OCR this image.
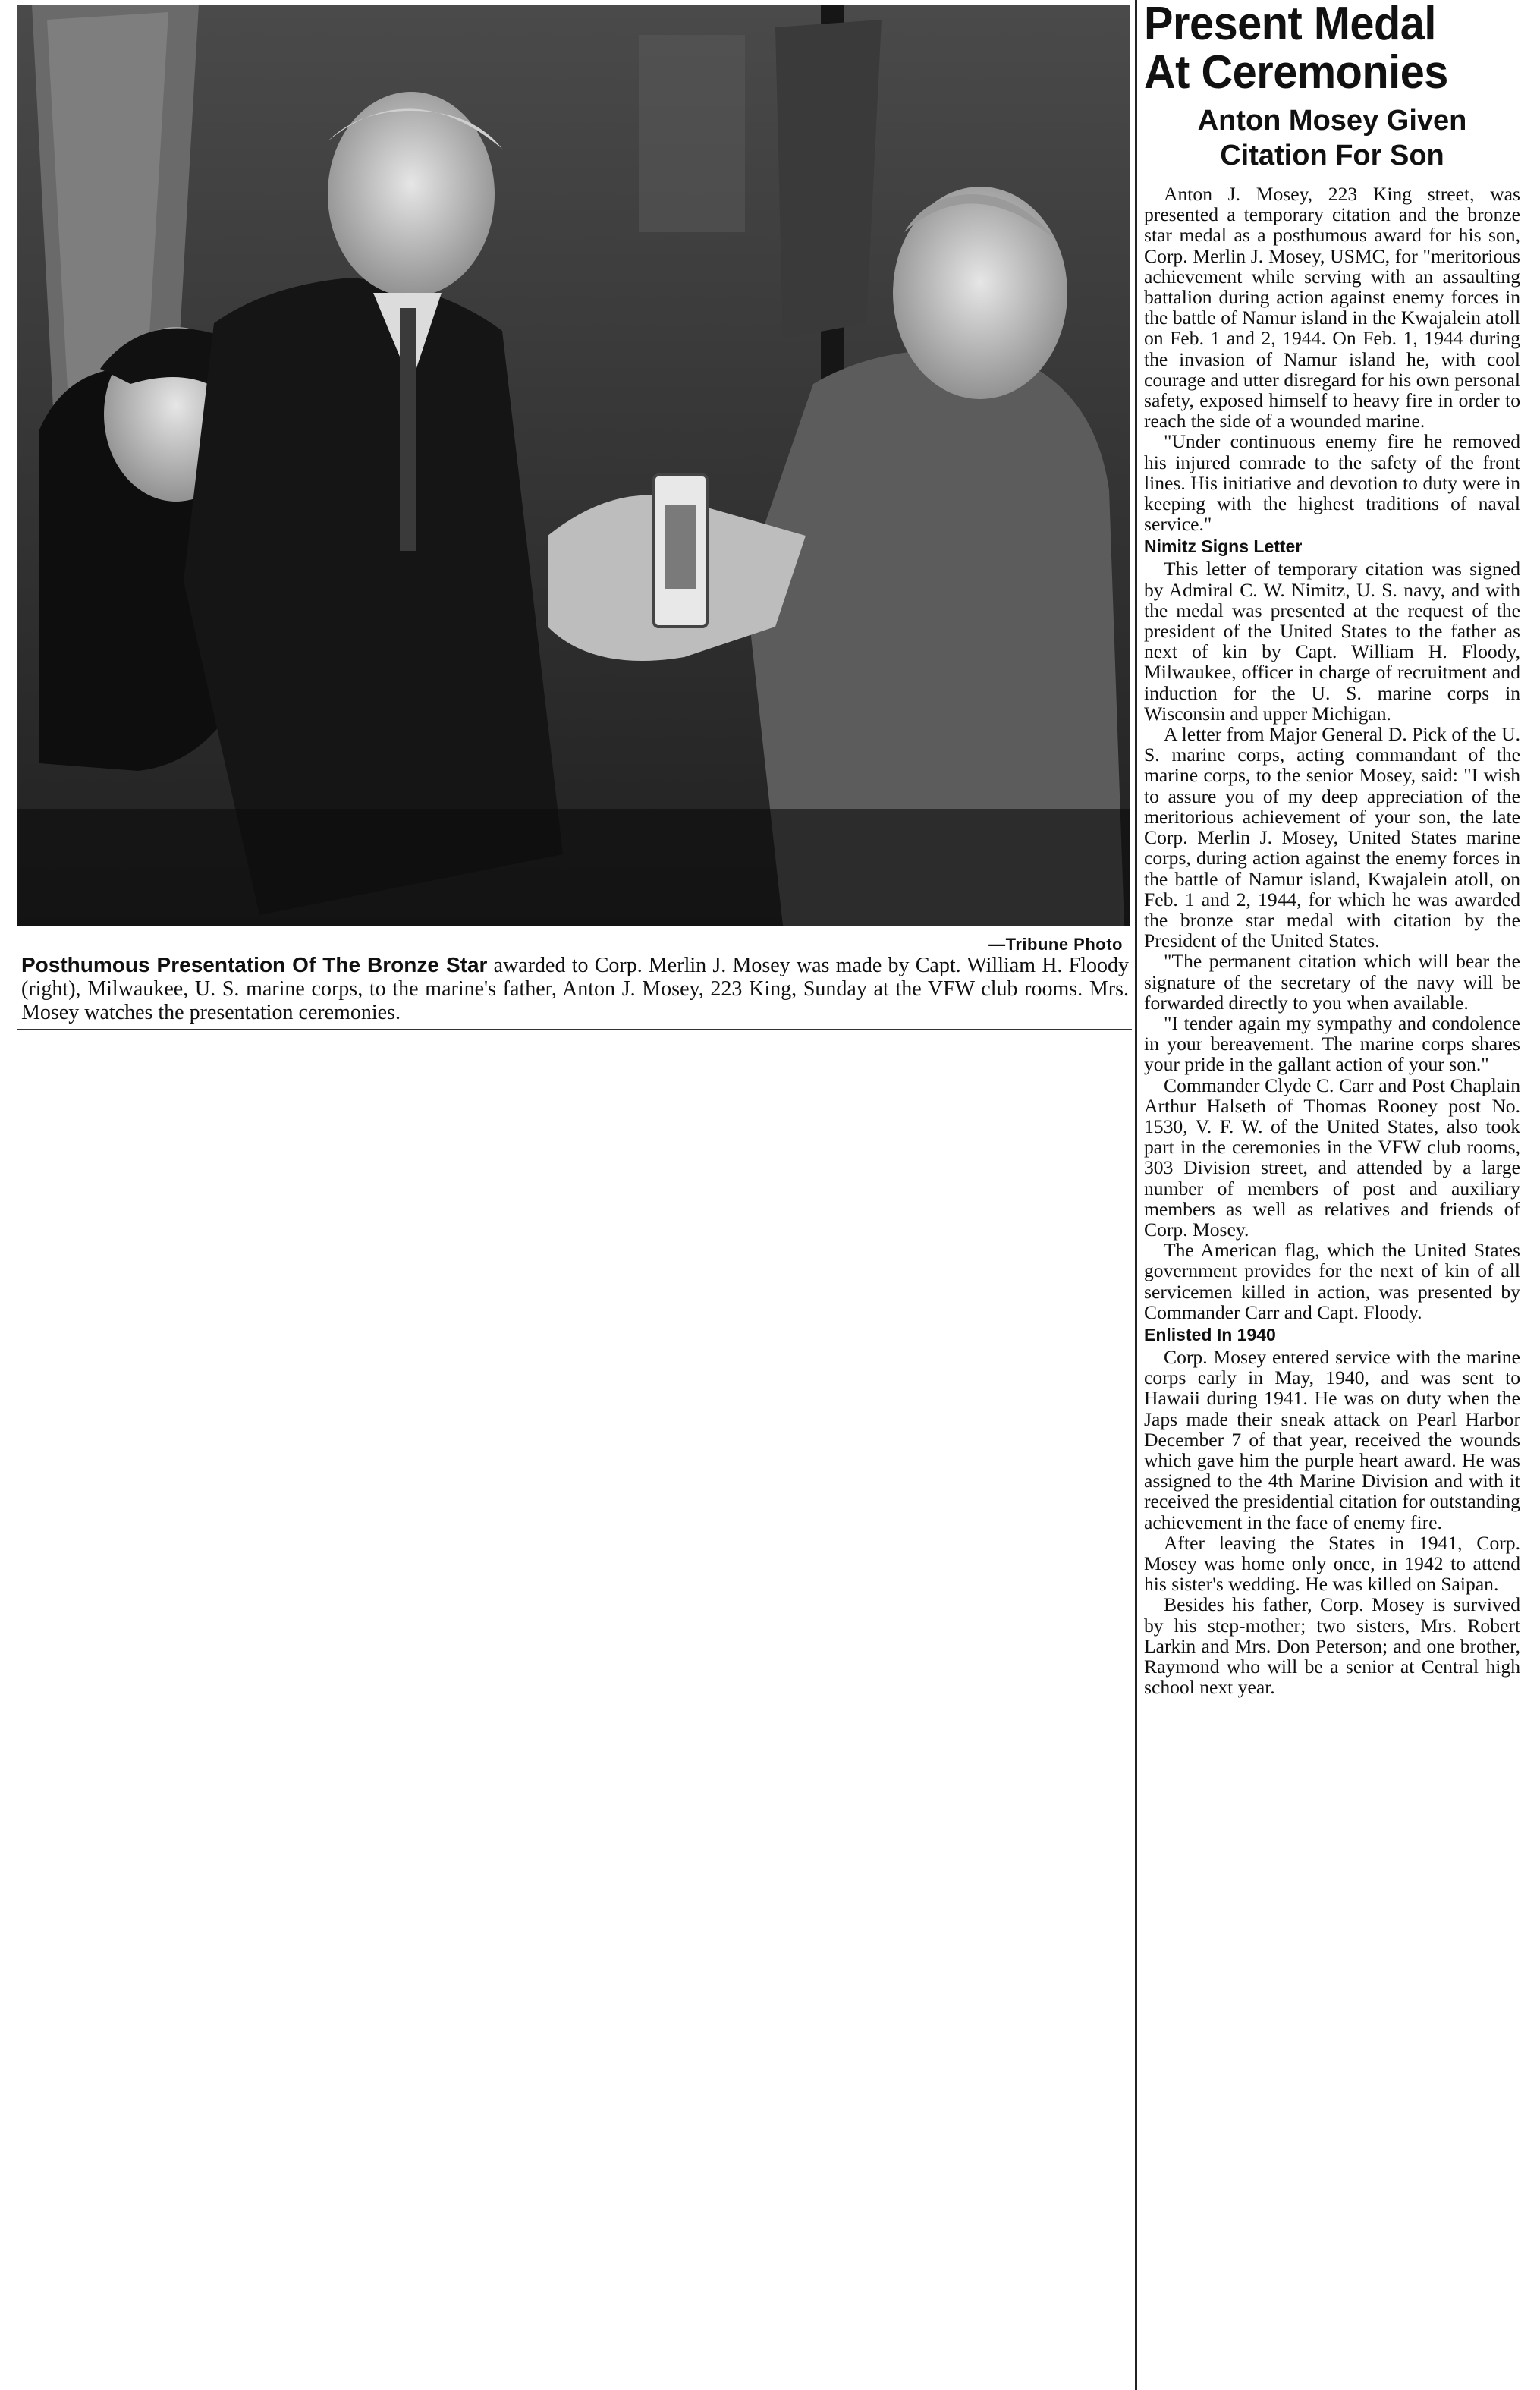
—Tribune Photo
Posthumous Presentation Of The Bronze Star awarded to Corp. Merlin J. Mosey was made by Capt. William H. Floody (right), Milwaukee, U. S. marine corps, to the marine's father, Anton J. Mosey, 223 King, Sunday at the VFW club rooms. Mrs. Mosey watches the presentation ceremonies.
Present Medal
At Ceremonies
Anton Mosey Given
Citation For Son

Anton J. Mosey, 223 King street, was presented a temporary citation and the bronze star medal as a posthumous award for his son, Corp. Merlin J. Mosey, USMC, for "meritorious achievement while serving with an assaulting battalion during action against enemy forces in the battle of Namur island in the Kwajalein atoll on Feb. 1 and 2, 1944. On Feb. 1, 1944 during the invasion of Namur island he, with cool courage and utter disregard for his own personal safety, exposed himself to heavy fire in order to reach the side of a wounded marine.

"Under continuous enemy fire he removed his injured comrade to the safety of the front lines. His initiative and devotion to duty were in keeping with the highest traditions of naval service."

Nimitz Signs Letter

This letter of temporary citation was signed by Admiral C. W. Nimitz, U. S. navy, and with the medal was presented at the request of the president of the United States to the father as next of kin by Capt. William H. Floody, Milwaukee, officer in charge of recruitment and induction for the U. S. marine corps in Wisconsin and upper Michigan.

A letter from Major General D. Pick of the U. S. marine corps, acting commandant of the marine corps, to the senior Mosey, said: "I wish to assure you of my deep appreciation of the meritorious achievement of your son, the late Corp. Merlin J. Mosey, United States marine corps, during action against the enemy forces in the battle of Namur island, Kwajalein atoll, on Feb. 1 and 2, 1944, for which he was awarded the bronze star medal with citation by the President of the United States.

"The permanent citation which will bear the signature of the secretary of the navy will be forwarded directly to you when available.

"I tender again my sympathy and condolence in your bereavement. The marine corps shares your pride in the gallant action of your son."

Commander Clyde C. Carr and Post Chaplain Arthur Halseth of Thomas Rooney post No. 1530, V. F. W. of the United States, also took part in the ceremonies in the VFW club rooms, 303 Division street, and attended by a large number of members of post and auxiliary members as well as relatives and friends of Corp. Mosey.

The American flag, which the United States government provides for the next of kin of all servicemen killed in action, was presented by Commander Carr and Capt. Floody.

Enlisted In 1940

Corp. Mosey entered service with the marine corps early in May, 1940, and was sent to Hawaii during 1941. He was on duty when the Japs made their sneak attack on Pearl Harbor December 7 of that year, received the wounds which gave him the purple heart award. He was assigned to the 4th Marine Division and with it received the presidential citation for outstanding achievement in the face of enemy fire.

After leaving the States in 1941, Corp. Mosey was home only once, in 1942 to attend his sister's wedding. He was killed on Saipan.

Besides his father, Corp. Mosey is survived by his step-mother; two sisters, Mrs. Robert Larkin and Mrs. Don Peterson; and one brother, Raymond who will be a senior at Central high school next year.
